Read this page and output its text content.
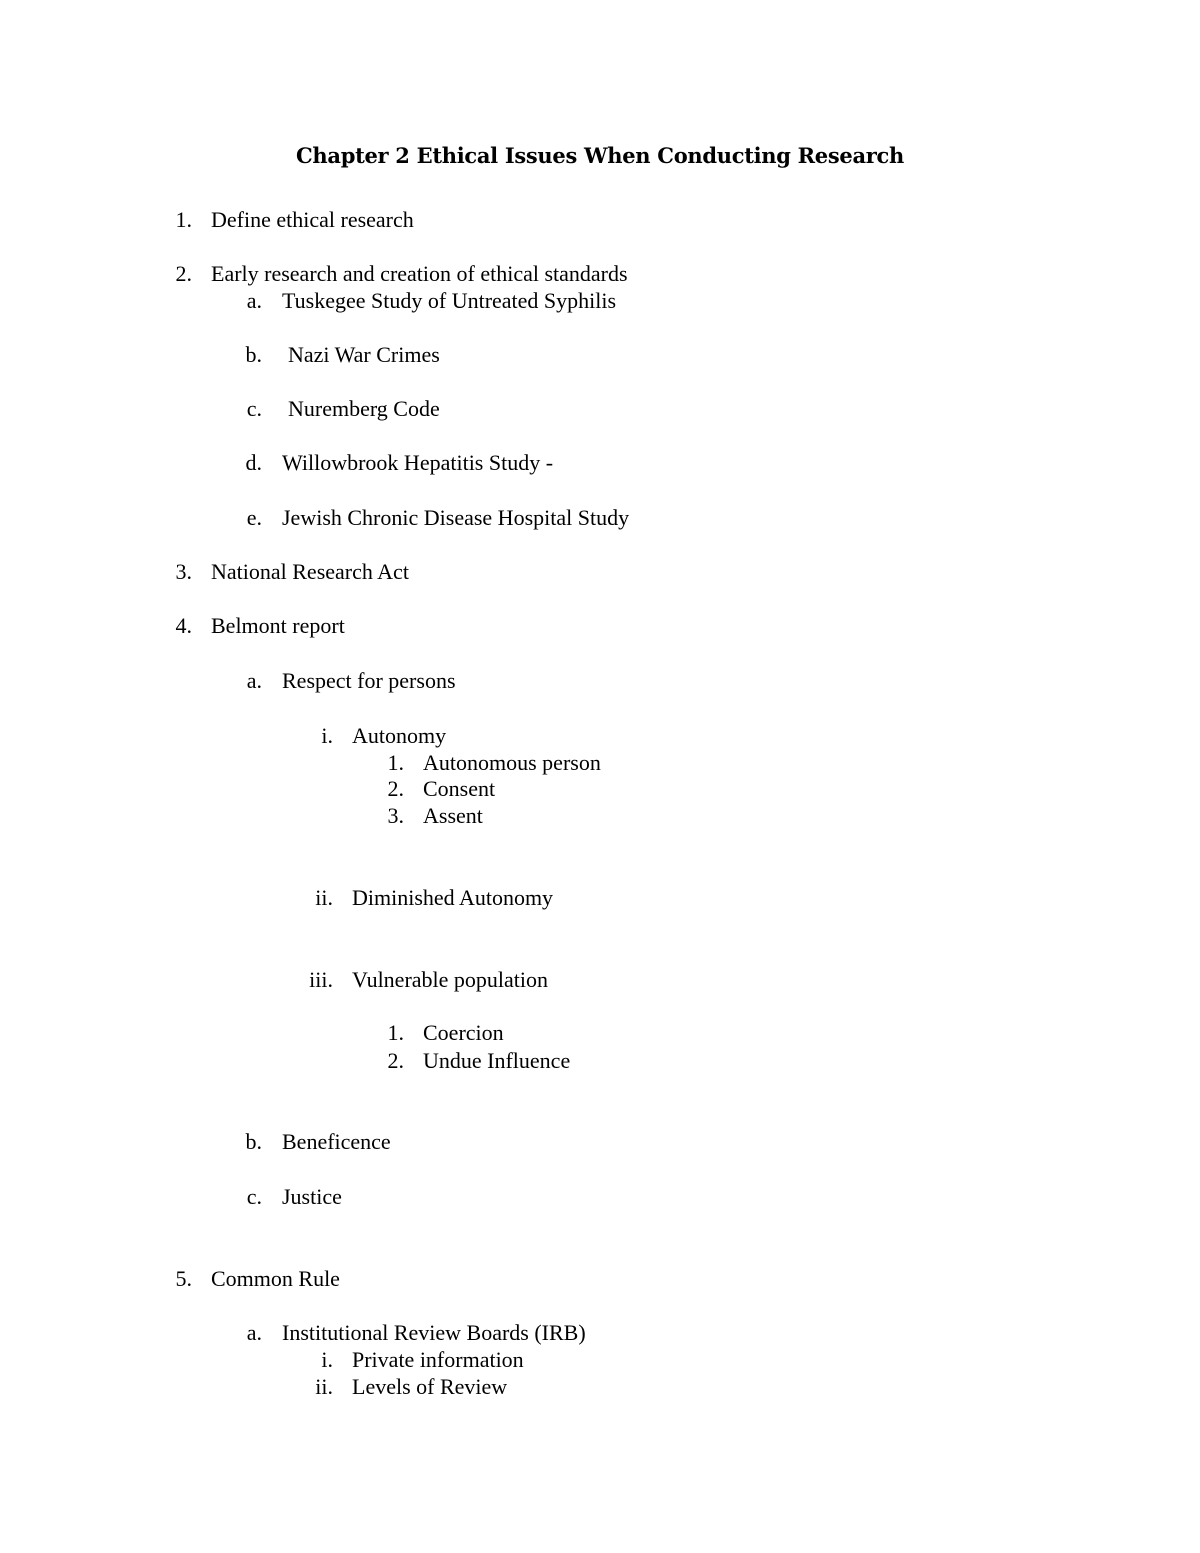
Chapter 2 Ethical Issues When Conducting Research
1. Define ethical research
2. Early research and creation of ethical standards
a. Tuskegee Study of Untreated Syphilis
b. Nazi War Crimes
c. Nuremberg Code
d. Willowbrook Hepatitis Study -
e. Jewish Chronic Disease Hospital Study
3. National Research Act
4. Belmont report
a. Respect for persons
i. Autonomy
1. Autonomous person
2. Consent
3. Assent
ii. Diminished Autonomy
iii. Vulnerable population
1. Coercion
2. Undue Influence
b. Beneficence
c. Justice
5. Common Rule
a. Institutional Review Boards (IRB)
i. Private information
ii. Levels of Review
